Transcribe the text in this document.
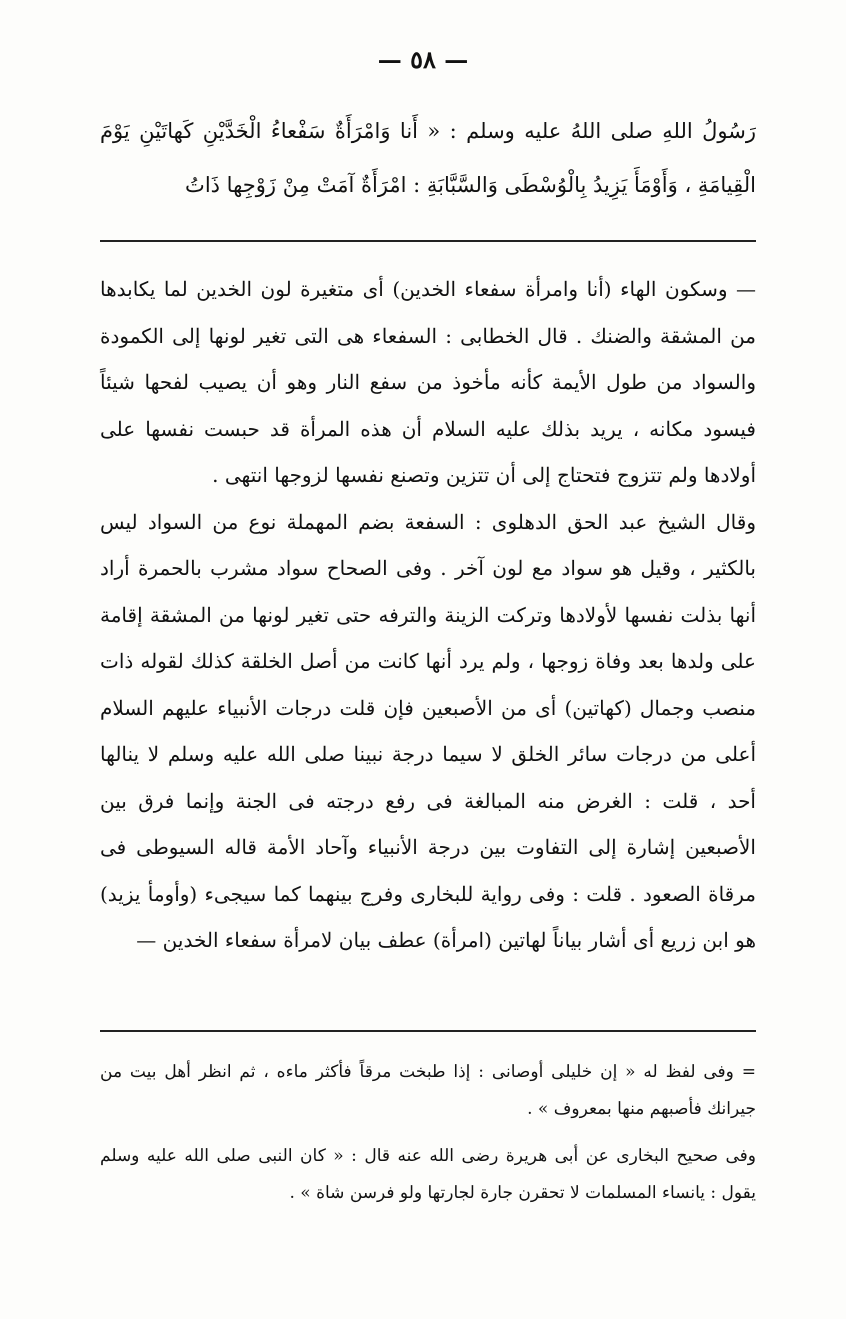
— ٥٨ —

رَسُولُ اللهِ صلى اللهُ عليه وسلم : « أَنا وَامْرَأَةٌ سَفْعاءُ الْخَدَّيْنِ كَهاتَيْنِ يَوْمَ الْقِيامَةِ ، وَأَوْمَأَ يَزِيدُ بِالْوُسْطَى وَالسَّبَّابَةِ : امْرَأَةٌ آمَتْ مِنْ زَوْجِها ذَاتُ

— وسكون الهاء (أنا وامرأة سفعاء الخدين) أى متغيرة لون الخدين لما يكابدها من المشقة والضنك . قال الخطابى : السفعاء هى التى تغير لونها إلى الكمودة والسواد من طول الأيمة كأنه مأخوذ من سفع النار وهو أن يصيب لفحها شيئاً فيسود مكانه ، يريد بذلك عليه السلام أن هذه المرأة قد حبست نفسها على أولادها ولم تتزوج فتحتاج إلى أن تتزين وتصنع نفسها لزوجها انتهى .

وقال الشيخ عبد الحق الدهلوى : السفعة بضم المهملة نوع من السواد ليس بالكثير ، وقيل هو سواد مع لون آخر . وفى الصحاح سواد مشرب بالحمرة أراد أنها بذلت نفسها لأولادها وتركت الزينة والترفه حتى تغير لونها من المشقة إقامة على ولدها بعد وفاة زوجها ، ولم يرد أنها كانت من أصل الخلقة كذلك لقوله ذات منصب وجمال (كهاتين) أى من الأصبعين فإن قلت درجات الأنبياء عليهم السلام أعلى من درجات سائر الخلق لا سيما درجة نبينا صلى الله عليه وسلم لا ينالها أحد ، قلت : الغرض منه المبالغة فى رفع درجته فى الجنة وإنما فرق بين الأصبعين إشارة إلى التفاوت بين درجة الأنبياء وآحاد الأمة قاله السيوطى فى مرقاة الصعود . قلت : وفى رواية للبخارى وفرج بينهما كما سيجىء (وأومأ يزيد) هو ابن زريع أى أشار بياناً لهاتين (امرأة) عطف بيان لامرأة سفعاء الخدين —

= وفى لفظ له « إن خليلى أوصانى : إذا طبخت مرقاً فأكثر ماءه ، ثم انظر أهل بيت من جيرانك فأصبهم منها بمعروف » .

وفى صحيح البخارى عن أبى هريرة رضى الله عنه قال : « كان النبى صلى الله عليه وسلم يقول : يانساء المسلمات لا تحقرن جارة لجارتها ولو فرسن شاة » .
